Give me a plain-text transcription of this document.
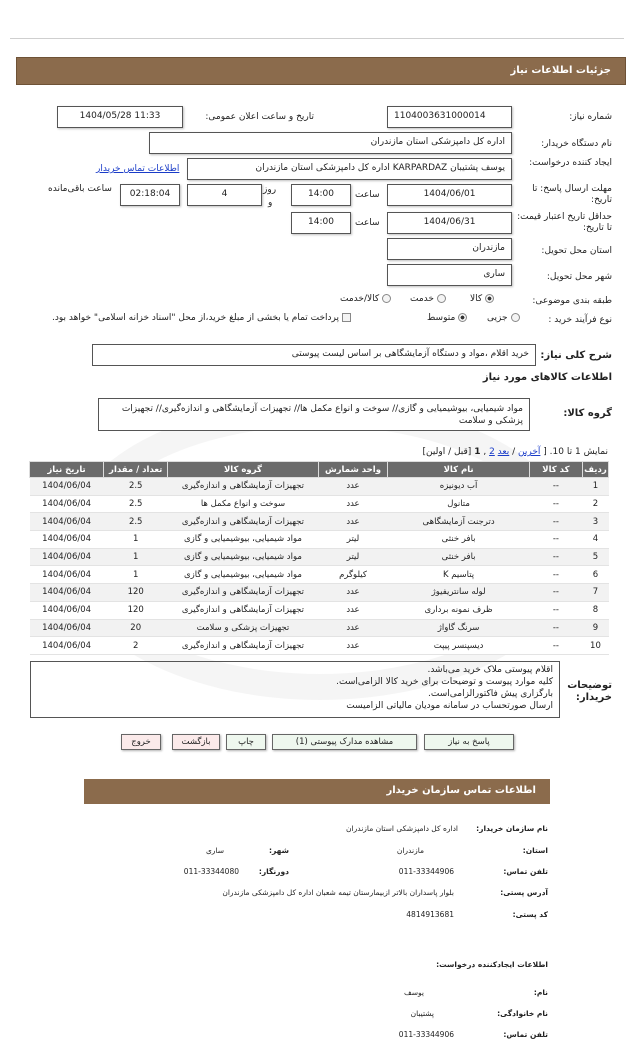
جزئیات اطلاعات نیاز
شماره نیاز:
1104003631000014
تاریخ و ساعت اعلان عمومی:
1404/05/28 11:33
نام دستگاه خریدار:
اداره کل دامپزشکی استان مازندران
ایجاد کننده درخواست:
یوسف پشتیبان KARPARDAZ اداره کل دامپزشکی استان مازندران
اطلاعات تماس خریدار
مهلت ارسال پاسخ: تا تاریخ:
1404/06/01
ساعت
14:00
روز
و
4
02:18:04
ساعت باقی‌مانده
حداقل تاریخ اعتبار قیمت: تا تاریخ:
1404/06/31
ساعت
14:00
استان محل تحویل:
مازندران
شهر محل تحویل:
ساری
طبقه بندی موضوعی:
کالا
خدمت
کالا/خدمت
نوع فرآیند خرید :
جزیی
متوسط
پرداخت تمام یا بخشی از مبلغ خرید،از محل "اسناد خزانه اسلامی" خواهد بود.
شرح کلی نیاز:
خرید اقلام ،مواد و دستگاه آزمایشگاهی بر اساس لیست پیوستی
اطلاعات کالاهای مورد نیاز
گروه کالا:
مواد شیمیایی، بیوشیمیایی و گازی// سوخت و انواع مکمل ها// تجهیزات آزمایشگاهی و اندازه‌گیری// تجهیزات پزشکی و سلامت
نمایش 1 تا 10. [ آخرین / بعد 2 , 1 [قبل / اولین]
ردیف	کد کالا	نام کالا	واحد شمارش	گروه کالا	تعداد / مقدار	تاریخ نیاز
1	--	آب دیونیزه	عدد	تجهیزات آزمایشگاهی و اندازه‌گیری	2.5	1404/06/04
2	--	متانول	عدد	سوخت و انواع مکمل ها	2.5	1404/06/04
3	--	دترجنت آزمایشگاهی	عدد	تجهیزات آزمایشگاهی و اندازه‌گیری	2.5	1404/06/04
4	--	بافر خنثی	لیتر	مواد شیمیایی، بیوشیمیایی و گازی	1	1404/06/04
5	--	بافر خنثی	لیتر	مواد شیمیایی، بیوشیمیایی و گازی	1	1404/06/04
6	--	پتاسیم K	کیلوگرم	مواد شیمیایی، بیوشیمیایی و گازی	1	1404/06/04
7	--	لوله سانتریفیوژ	عدد	تجهیزات آزمایشگاهی و اندازه‌گیری	120	1404/06/04
8	--	ظرف نمونه برداری	عدد	تجهیزات آزمایشگاهی و اندازه‌گیری	120	1404/06/04
9	--	سرنگ گاواژ	عدد	تجهیزات پزشکی و سلامت	20	1404/06/04
10	--	دیسپنسر پیپت	عدد	تجهیزات آزمایشگاهی و اندازه‌گیری	2	1404/06/04
توضیحات خریدار:
اقلام پیوستی ملاک خرید می‌باشد.
کلیه موارد پیوست و توضیحات برای خرید کالا الزامی‌است.
بارگزاری پیش فاکتورالزامی‌است.
ارسال صورتحساب در سامانه مودیان مالیاتی الزامیست
پاسخ به نیاز
مشاهده مدارک پیوستی (1)
چاپ
بازگشت
خروج
اطلاعات تماس سازمان خریدار
نام سازمان خریدار:
اداره کل دامپزشکی استان مازندران
استان:
مازندران
شهر:
ساری
تلفن تماس:
011-33344906
دورنگار:
011-33344080
آدرس پستی:
بلوار پاسداران بالاتر ازبیمارستان تیمه شعبان اداره کل دامپزشکی مازندران
کد پستی:
4814913681
اطلاعات ایجادکننده درخواست:
نام:
یوسف
نام خانوادگی:
پشتیبان
تلفن تماس:
011-33344906
